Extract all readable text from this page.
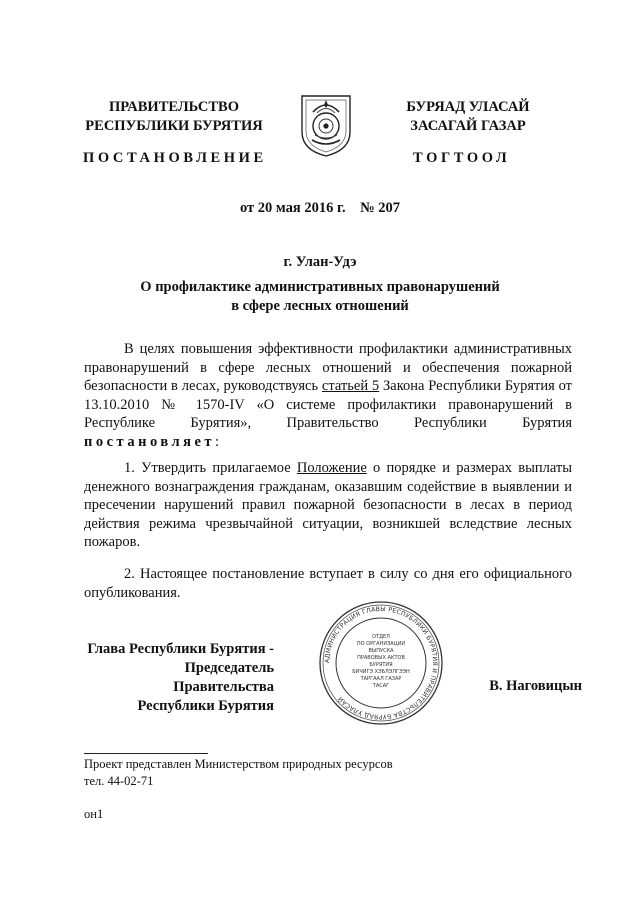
ПРАВИТЕЛЬСТВО
РЕСПУБЛИКИ БУРЯТИЯ
БУРЯАД УЛАСАЙ
ЗАСАГАЙ ГАЗАР
ПОСТАНОВЛЕНИЕ	ТОГТООЛ
от 20 мая 2016 г.    № 207
г. Улан-Удэ
О профилактике административных правонарушений
в сфере лесных отношений
В целях повышения эффективности профилактики административных правонарушений в сфере лесных отношений и обеспечения пожарной безопасности в лесах, руководствуясь статьей 5 Закона Республики Бурятия от 13.10.2010 № 1570-IV «О системе профилактики правонарушений в Республике Бурятия», Правительство Республики Бурятия постановляет:
1. Утвердить прилагаемое Положение о порядке и размерах выплаты денежного вознаграждения гражданам, оказавшим содействие в выявлении и пресечении нарушений правил пожарной безопасности в лесах в период действия режима чрезвычайной ситуации, возникшей вследствие лесных пожаров.
2. Настоящее постановление вступает в силу со дня его официального опубликования.
Глава Республики Бурятия -
Председатель Правительства
Республики Бурятия
АДМИНИСТРАЦИЯ ГЛАВЫ РЕСПУБЛИКИ БУРЯТИЯ И ПРАВИТЕЛЬСТВА БУРЯАД УЛАСАЙ
ОТДЕЛ
ПО ОРГАНИЗАЦИИ
ВЫПУСКА
ПРАВОВЫХ АКТОВ
БУРЯТИЯ
БИЧИГЭ ХЭБЛЭЛГЭЭН
ТАРГААЛ ГАЗАР
ТАСАГ	В. Наговицын
Проект представлен Министерством природных ресурсов
тел. 44-02-71
он1
